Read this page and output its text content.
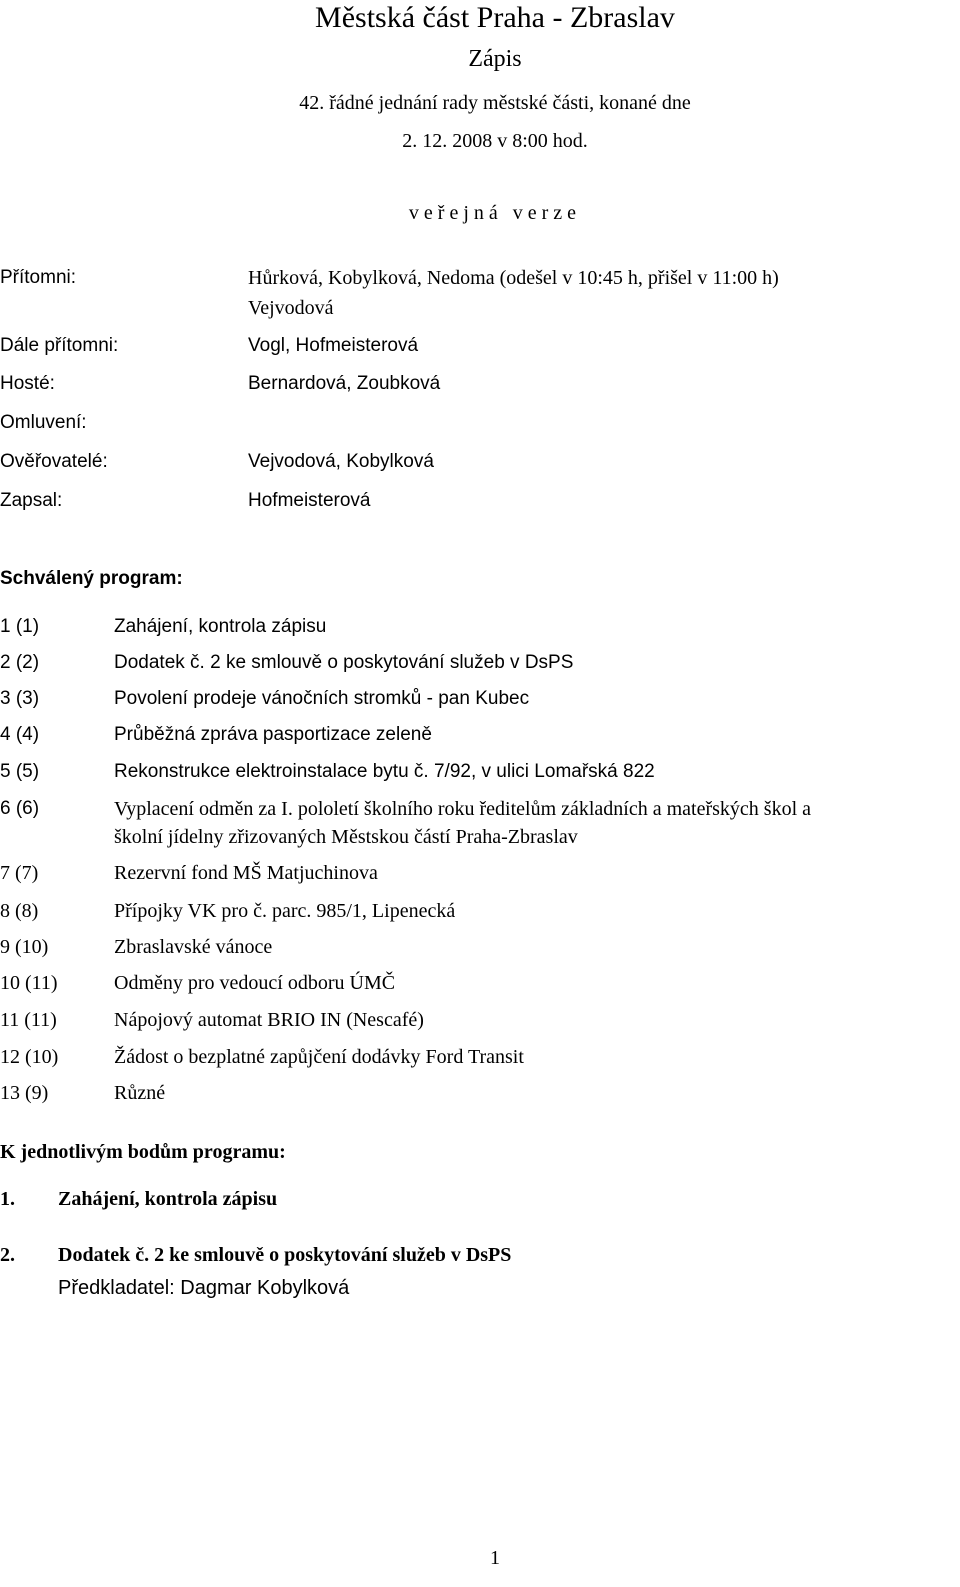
Městská část Praha - Zbraslav
Zápis
42. řádné jednání rady městské části, konané dne
2. 12. 2008 v 8:00 hod.
veřejná verze
Přítomni:	Hůrková, Kobylková, Nedoma (odešel v 10:45 h, přišel v 11:00 h)
Vejvodová
Dále přítomni:	Vogl, Hofmeisterová
Hosté:	Bernardová, Zoubková
Omluvení:
Ověřovatelé:	Vejvodová, Kobylková
Zapsal:	Hofmeisterová
Schválený program:
1 (1)	Zahájení, kontrola zápisu
2 (2)	Dodatek č. 2 ke smlouvě o poskytování služeb v DsPS
3 (3)	Povolení prodeje vánočních stromků - pan Kubec
4 (4)	Průběžná zpráva pasportizace zeleně
5 (5)	Rekonstrukce elektroinstalace bytu č. 7/92, v ulici Lomařská 822
6 (6)	Vyplacení odměn za I. pololetí školního roku ředitelům základních a mateřských škol a
školní jídelny zřizovaných Městskou částí Praha-Zbraslav
7 (7)	Rezervní fond MŠ Matjuchinova
8 (8)	Přípojky VK pro č. parc. 985/1, Lipenecká
9 (10)	Zbraslavské vánoce
10 (11)	Odměny pro vedoucí odboru ÚMČ
11 (11)	Nápojový automat BRIO IN (Nescafé)
12 (10)	Žádost o bezplatné zapůjčení dodávky Ford Transit
13 (9)	Různé
K jednotlivým bodům programu:
1. Zahájení, kontrola zápisu
2. Dodatek č. 2 ke smlouvě o poskytování služeb v DsPS
Předkladatel: Dagmar Kobylková
1
